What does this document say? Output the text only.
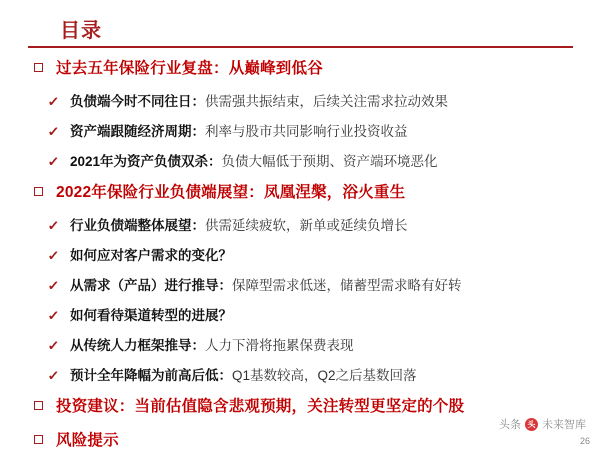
目录
过去五年保险行业复盘：从巅峰到低谷
✓ 负债端今时不同往日：供需强共振结束，后续关注需求拉动效果
✓ 资产端跟随经济周期：利率与股市共同影响行业投资收益
✓ 2021年为资产负债双杀：负债大幅低于预期、资产端环境恶化
2022年保险行业负债端展望：凤凰涅槃，浴火重生
✓ 行业负债端整体展望：供需延续疲软，新单或延续负增长
✓ 如何应对客户需求的变化？
✓ 从需求（产品）进行推导：保障型需求低迷，储蓄型需求略有好转
✓ 如何看待渠道转型的进展？
✓ 从传统人力框架推导：人力下滑将拖累保费表现
✓ 预计全年降幅为前高后低：Q1基数较高，Q2之后基数回落
投资建议：当前估值隐含悲观预期，关注转型更坚定的个股
风险提示
头条 头 未来智库
26
